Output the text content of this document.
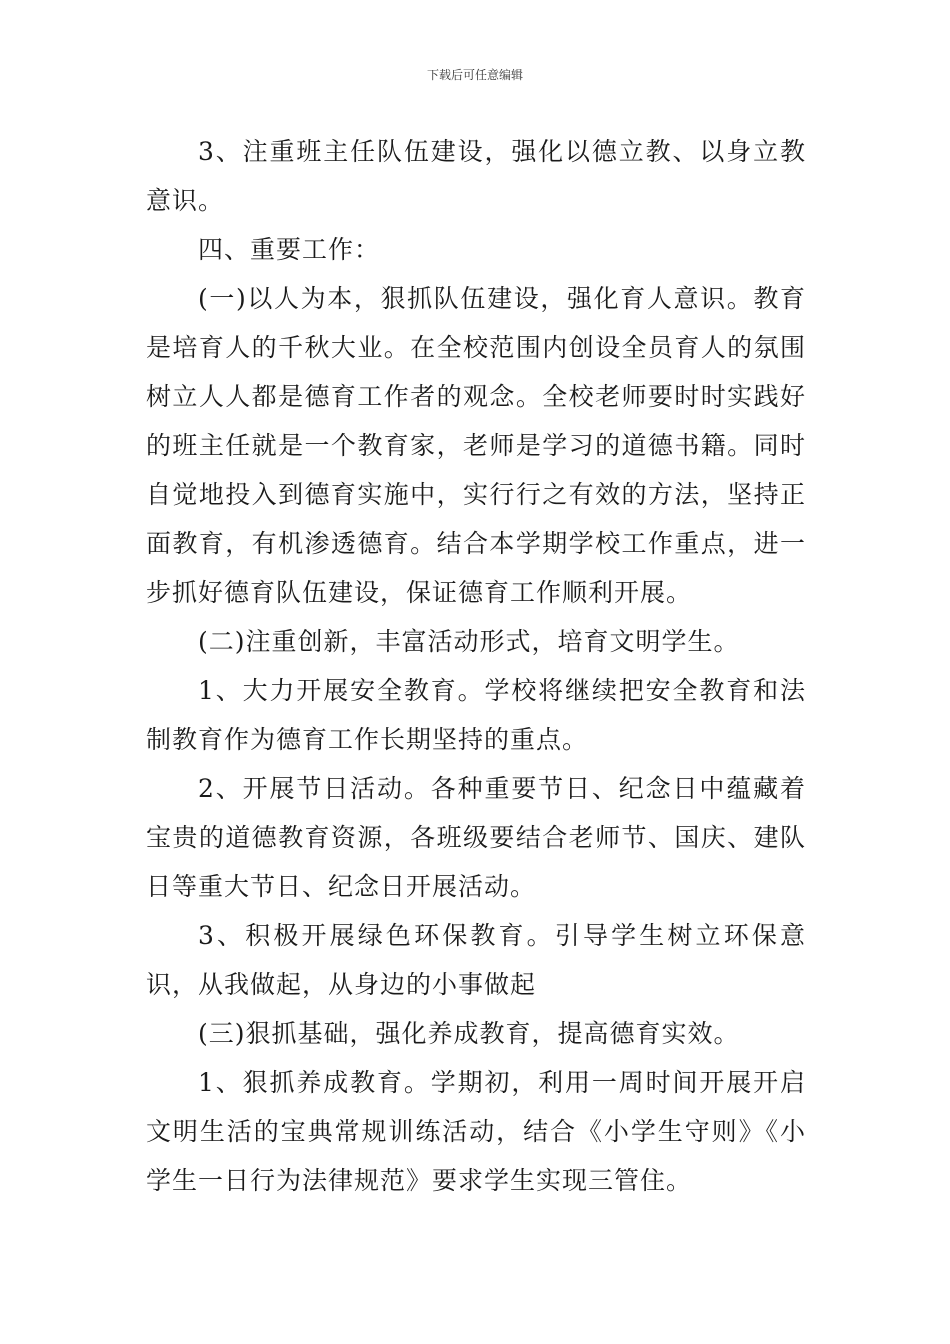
下载后可任意编辑

3、注重班主任队伍建设，强化以德立教、以身立教意识。

四、重要工作：

(一)以人为本，狠抓队伍建设，强化育人意识。教育是培育人的千秋大业。在全校范围内创设全员育人的氛围树立人人都是德育工作者的观念。全校老师要时时实践好的班主任就是一个教育家，老师是学习的道德书籍。同时自觉地投入到德育实施中，实行行之有效的方法，坚持正面教育，有机渗透德育。结合本学期学校工作重点，进一步抓好德育队伍建设，保证德育工作顺利开展。

(二)注重创新，丰富活动形式，培育文明学生。

1、大力开展安全教育。学校将继续把安全教育和法制教育作为德育工作长期坚持的重点。

2、开展节日活动。各种重要节日、纪念日中蕴藏着宝贵的道德教育资源，各班级要结合老师节、国庆、建队日等重大节日、纪念日开展活动。

3、积极开展绿色环保教育。引导学生树立环保意识，从我做起，从身边的小事做起

(三)狠抓基础，强化养成教育，提高德育实效。

1、狠抓养成教育。学期初，利用一周时间开展开启文明生活的宝典常规训练活动，结合《小学生守则》《小学生一日行为法律规范》要求学生实现三管住。
